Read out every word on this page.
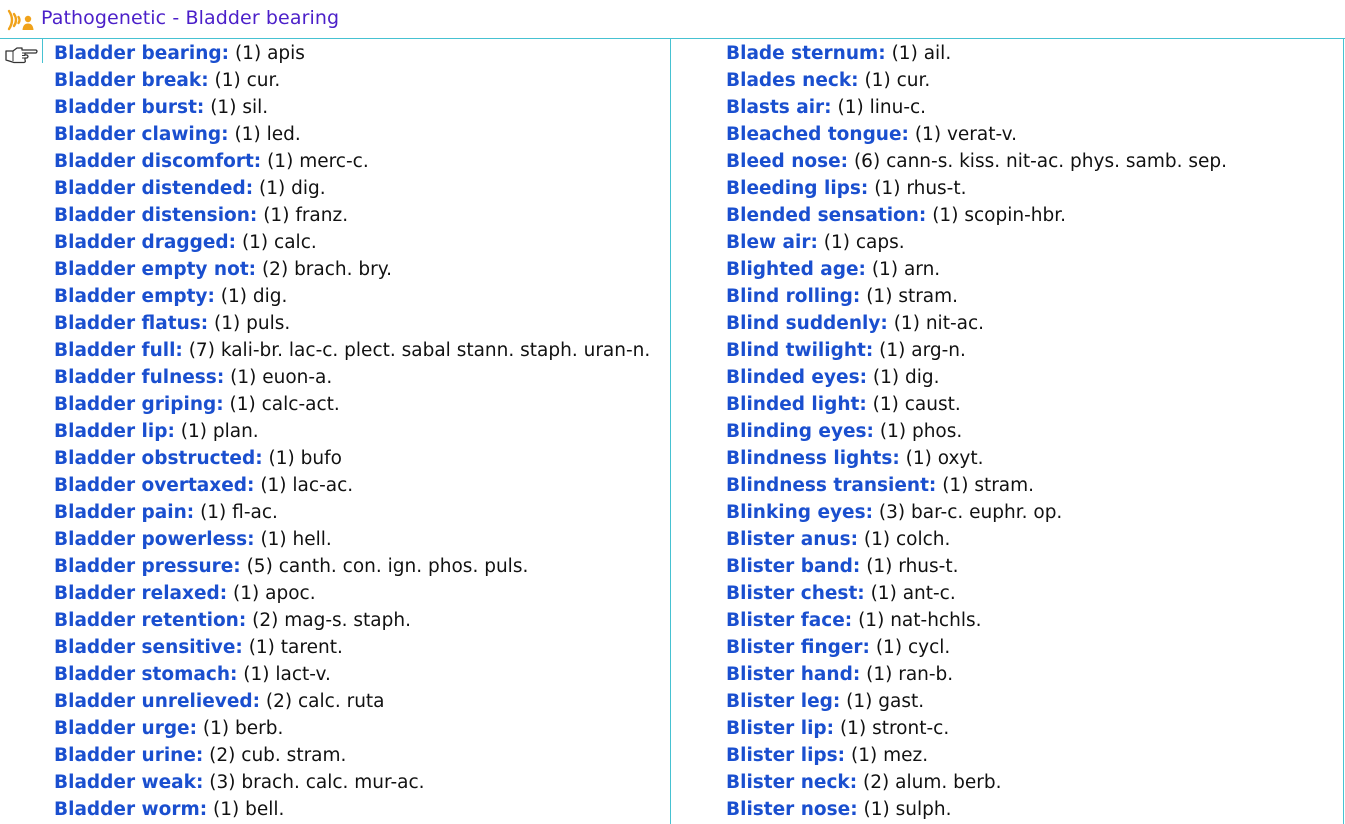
Pathogenetic - Bladder bearing
Bladder bearing: (1) apis
Bladder break: (1) cur.
Bladder burst: (1) sil.
Bladder clawing: (1) led.
Bladder discomfort: (1) merc-c.
Bladder distended: (1) dig.
Bladder distension: (1) franz.
Bladder dragged: (1) calc.
Bladder empty not: (2) brach. bry.
Bladder empty: (1) dig.
Bladder flatus: (1) puls.
Bladder full: (7) kali-br. lac-c. plect. sabal stann. staph. uran-n.
Bladder fulness: (1) euon-a.
Bladder griping: (1) calc-act.
Bladder lip: (1) plan.
Bladder obstructed: (1) bufo
Bladder overtaxed: (1) lac-ac.
Bladder pain: (1) fl-ac.
Bladder powerless: (1) hell.
Bladder pressure: (5) canth. con. ign. phos. puls.
Bladder relaxed: (1) apoc.
Bladder retention: (2) mag-s. staph.
Bladder sensitive: (1) tarent.
Bladder stomach: (1) lact-v.
Bladder unrelieved: (2) calc. ruta
Bladder urge: (1) berb.
Bladder urine: (2) cub. stram.
Bladder weak: (3) brach. calc. mur-ac.
Bladder worm: (1) bell.
Blade sternum: (1) ail.
Blades neck: (1) cur.
Blasts air: (1) linu-c.
Bleached tongue: (1) verat-v.
Bleed nose: (6) cann-s. kiss. nit-ac. phys. samb. sep.
Bleeding lips: (1) rhus-t.
Blended sensation: (1) scopin-hbr.
Blew air: (1) caps.
Blighted age: (1) arn.
Blind rolling: (1) stram.
Blind suddenly: (1) nit-ac.
Blind twilight: (1) arg-n.
Blinded eyes: (1) dig.
Blinded light: (1) caust.
Blinding eyes: (1) phos.
Blindness lights: (1) oxyt.
Blindness transient: (1) stram.
Blinking eyes: (3) bar-c. euphr. op.
Blister anus: (1) colch.
Blister band: (1) rhus-t.
Blister chest: (1) ant-c.
Blister face: (1) nat-hchls.
Blister finger: (1) cycl.
Blister hand: (1) ran-b.
Blister leg: (1) gast.
Blister lip: (1) stront-c.
Blister lips: (1) mez.
Blister neck: (2) alum. berb.
Blister nose: (1) sulph.
